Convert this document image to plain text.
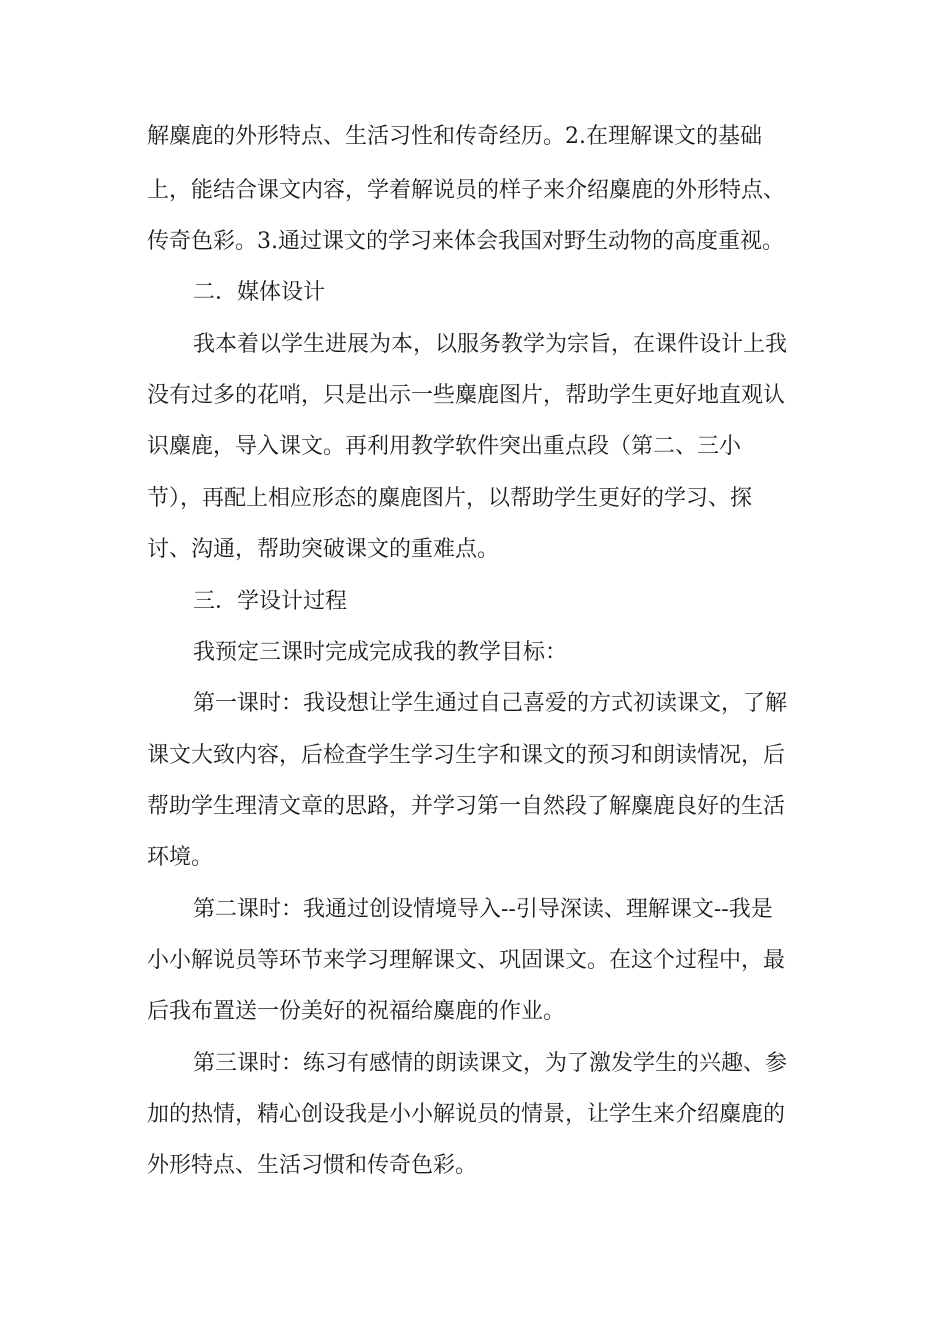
解麋鹿的外形特点、生活习性和传奇经历。2.在理解课文的基础
上，能结合课文内容，学着解说员的样子来介绍麋鹿的外形特点、
传奇色彩。3.通过课文的学习来体会我国对野生动物的高度重视。
二．媒体设计
我本着以学生进展为本，以服务教学为宗旨，在课件设计上我
没有过多的花哨，只是出示一些麋鹿图片，帮助学生更好地直观认
识麋鹿，导入课文。再利用教学软件突出重点段（第二、三小
节），再配上相应形态的麋鹿图片，以帮助学生更好的学习、探
讨、沟通，帮助突破课文的重难点。
三．学设计过程
我预定三课时完成完成我的教学目标：
第一课时：我设想让学生通过自己喜爱的方式初读课文，了解
课文大致内容，后检查学生学习生字和课文的预习和朗读情况，后
帮助学生理清文章的思路，并学习第一自然段了解麋鹿良好的生活
环境。
第二课时：我通过创设情境导入--引导深读、理解课文--我是
小小解说员等环节来学习理解课文、巩固课文。在这个过程中，最
后我布置送一份美好的祝福给麋鹿的作业。
第三课时：练习有感情的朗读课文，为了激发学生的兴趣、参
加的热情，精心创设我是小小解说员的情景，让学生来介绍麋鹿的
外形特点、生活习惯和传奇色彩。
